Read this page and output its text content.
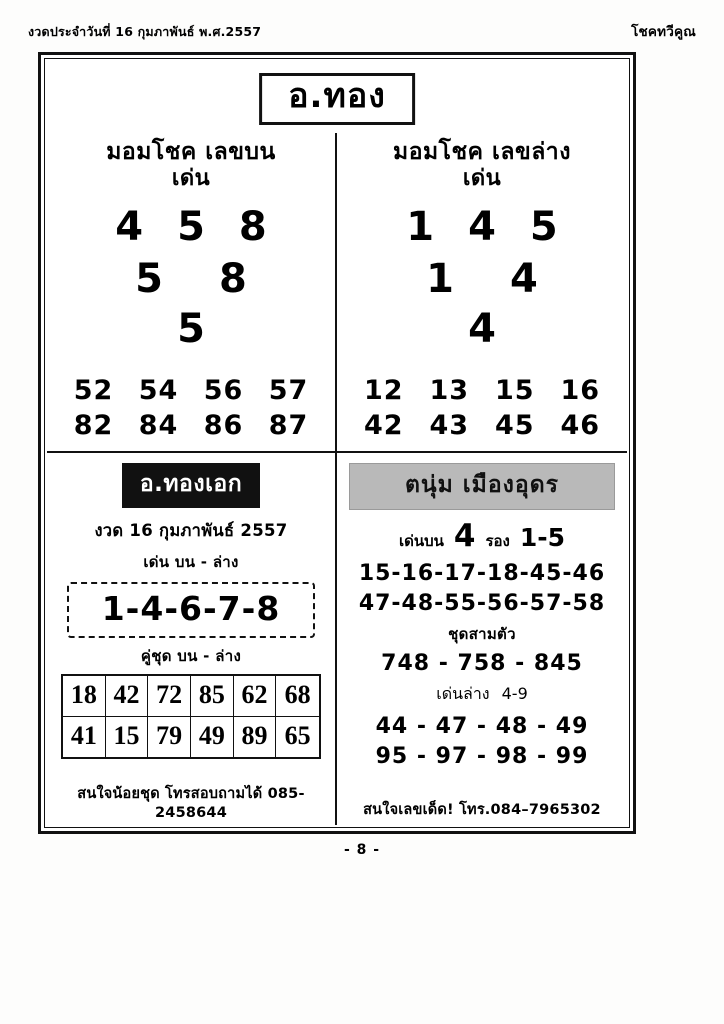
งวดประจำวันที่ 16 กุมภาพันธ์ พ.ศ.2557	โชคทวีคูณ
อ.ทอง
มอมโชค เลขบน
เด่น
4 5 8
5 8
5
52 54 56 57
82 84 86 87
มอมโชค เลขล่าง
เด่น
1 4 5
1 4
4
12 13 15 16
42 43 45 46
อ.ทองเอก
งวด 16 กุมภาพันธ์ 2557
เด่น บน - ล่าง
1-4-6-7-8
คู่ชุด บน - ล่าง
18 42 72 85 62 68
41 15 79 49 89 65
สนใจน้อยชุด โทรสอบถามได้ 085-2458644
ตนุ่ม เมืองอุดร
เด่นบน 4 รอง 1-5
15-16-17-18-45-46
47-48-55-56-57-58
ชุดสามตัว
748 - 758 - 845
เด่นล่าง 4-9
44 - 47 - 48 - 49
95 - 97 - 98 - 99
สนใจเลขเด็ด! โทร.084–7965302
- 8 -
